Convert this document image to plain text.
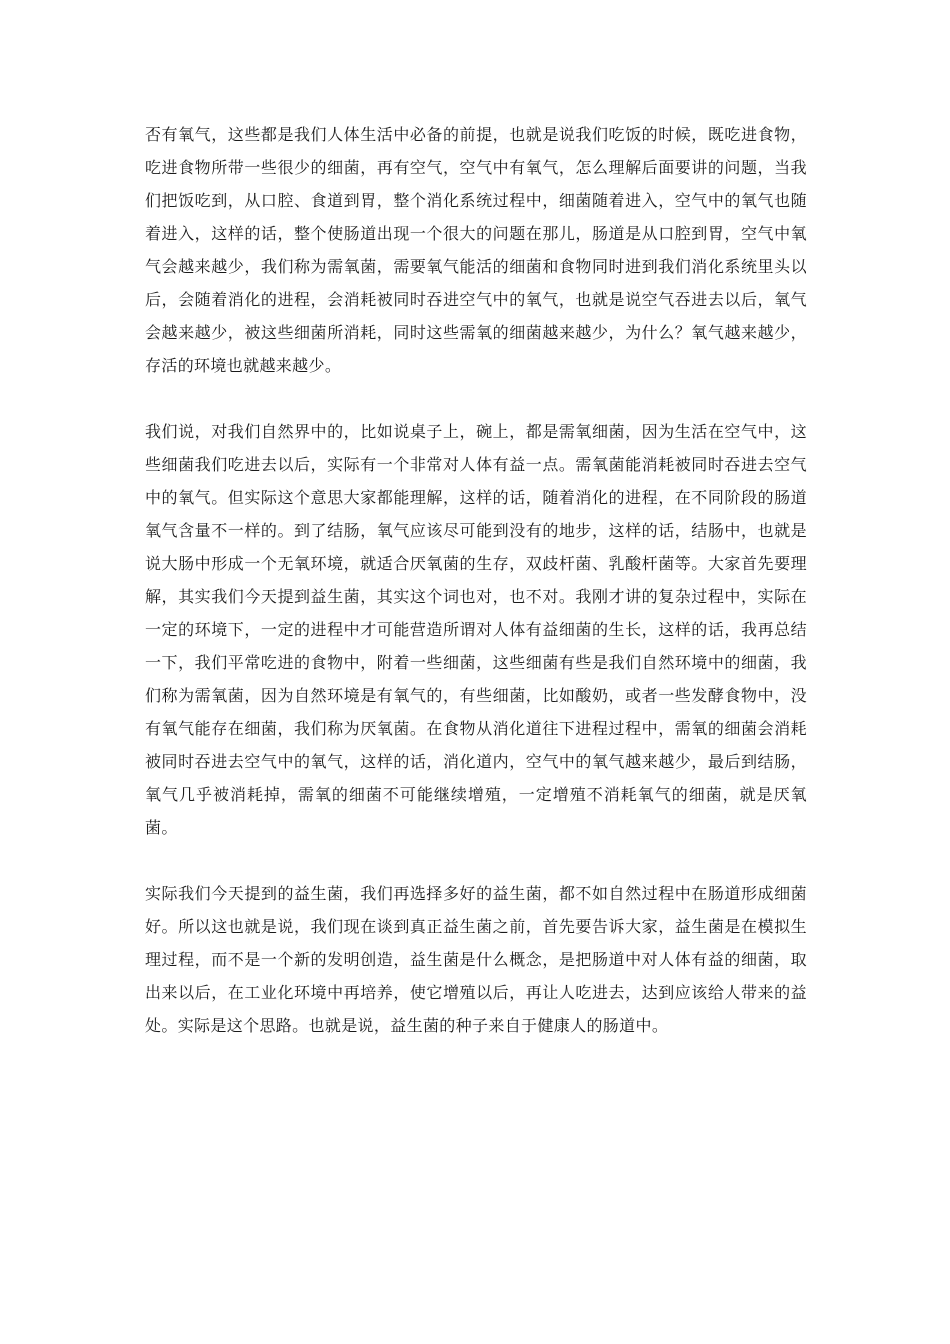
否有氧气，这些都是我们人体生活中必备的前提，也就是说我们吃饭的时候，既吃进食物，吃进食物所带一些很少的细菌，再有空气，空气中有氧气，怎么理解后面要讲的问题，当我们把饭吃到，从口腔、食道到胃，整个消化系统过程中，细菌随着进入，空气中的氧气也随着进入，这样的话，整个使肠道出现一个很大的问题在那儿，肠道是从口腔到胃，空气中氧气会越来越少，我们称为需氧菌，需要氧气能活的细菌和食物同时进到我们消化系统里头以后，会随着消化的进程，会消耗被同时吞进空气中的氧气，也就是说空气吞进去以后，氧气会越来越少，被这些细菌所消耗，同时这些需氧的细菌越来越少，为什么？氧气越来越少，存活的环境也就越来越少。

我们说，对我们自然界中的，比如说桌子上，碗上，都是需氧细菌，因为生活在空气中，这些细菌我们吃进去以后，实际有一个非常对人体有益一点。需氧菌能消耗被同时吞进去空气中的氧气。但实际这个意思大家都能理解，这样的话，随着消化的进程，在不同阶段的肠道氧气含量不一样的。到了结肠，氧气应该尽可能到没有的地步，这样的话，结肠中，也就是说大肠中形成一个无氧环境，就适合厌氧菌的生存，双歧杆菌、乳酸杆菌等。大家首先要理解，其实我们今天提到益生菌，其实这个词也对，也不对。我刚才讲的复杂过程中，实际在一定的环境下，一定的进程中才可能营造所谓对人体有益细菌的生长，这样的话，我再总结一下，我们平常吃进的食物中，附着一些细菌，这些细菌有些是我们自然环境中的细菌，我们称为需氧菌，因为自然环境是有氧气的，有些细菌，比如酸奶，或者一些发酵食物中，没有氧气能存在细菌，我们称为厌氧菌。在食物从消化道往下进程过程中，需氧的细菌会消耗被同时吞进去空气中的氧气，这样的话，消化道内，空气中的氧气越来越少，最后到结肠，氧气几乎被消耗掉，需氧的细菌不可能继续增殖，一定增殖不消耗氧气的细菌，就是厌氧菌。

实际我们今天提到的益生菌，我们再选择多好的益生菌，都不如自然过程中在肠道形成细菌好。所以这也就是说，我们现在谈到真正益生菌之前，首先要告诉大家，益生菌是在模拟生理过程，而不是一个新的发明创造，益生菌是什么概念，是把肠道中对人体有益的细菌，取出来以后，在工业化环境中再培养，使它增殖以后，再让人吃进去，达到应该给人带来的益处。实际是这个思路。也就是说，益生菌的种子来自于健康人的肠道中。
